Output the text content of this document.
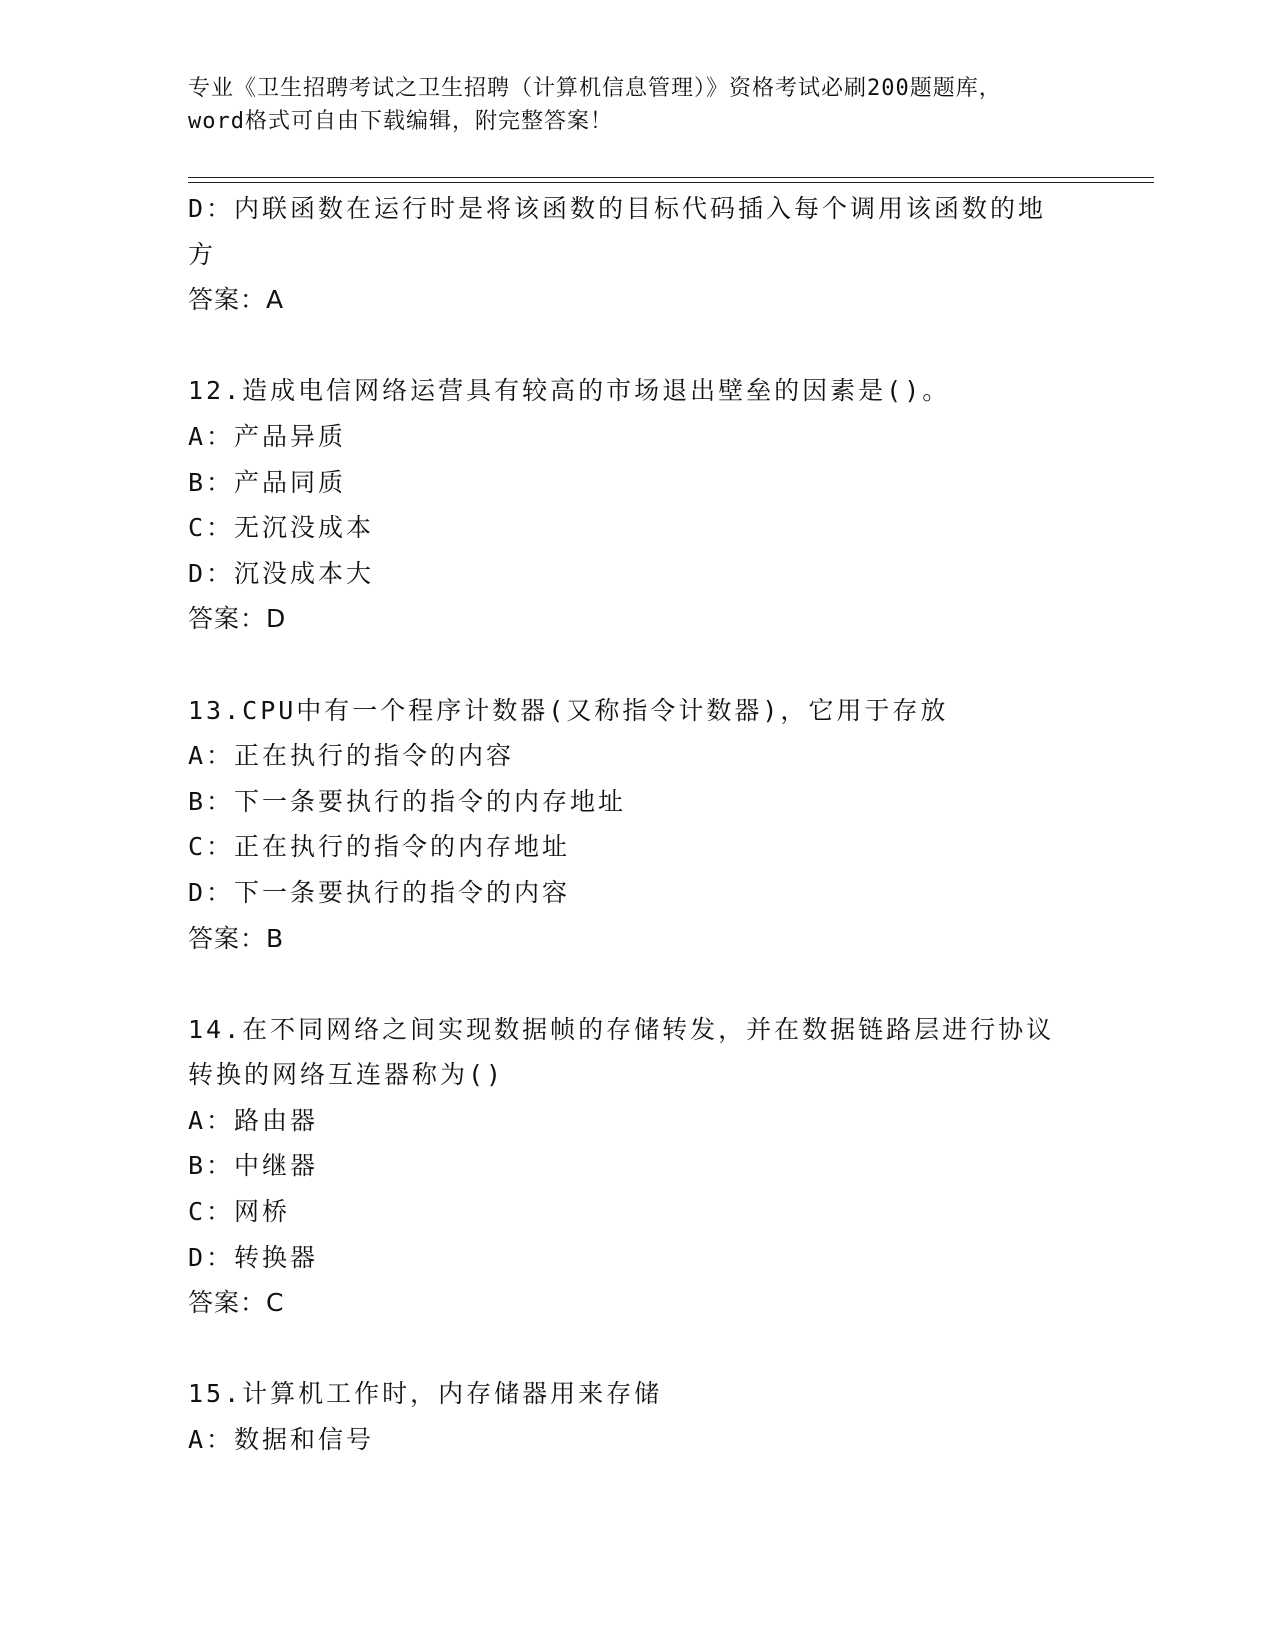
专业《卫生招聘考试之卫生招聘（计算机信息管理）》资格考试必刷200题题库，
word格式可自由下载编辑，附完整答案！
D：内联函数在运行时是将该函数的目标代码插入每个调用该函数的地
方
答案：A
12.造成电信网络运营具有较高的市场退出壁垒的因素是()。
A：产品异质
B：产品同质
C：无沉没成本
D：沉没成本大
答案：D
13.CPU中有一个程序计数器(又称指令计数器)，它用于存放
A：正在执行的指令的内容
B：下一条要执行的指令的内存地址
C：正在执行的指令的内存地址
D：下一条要执行的指令的内容
答案：B
14.在不同网络之间实现数据帧的存储转发，并在数据链路层进行协议
转换的网络互连器称为()
A：路由器
B：中继器
C：网桥
D：转换器
答案：C
15.计算机工作时，内存储器用来存储
A：数据和信号
